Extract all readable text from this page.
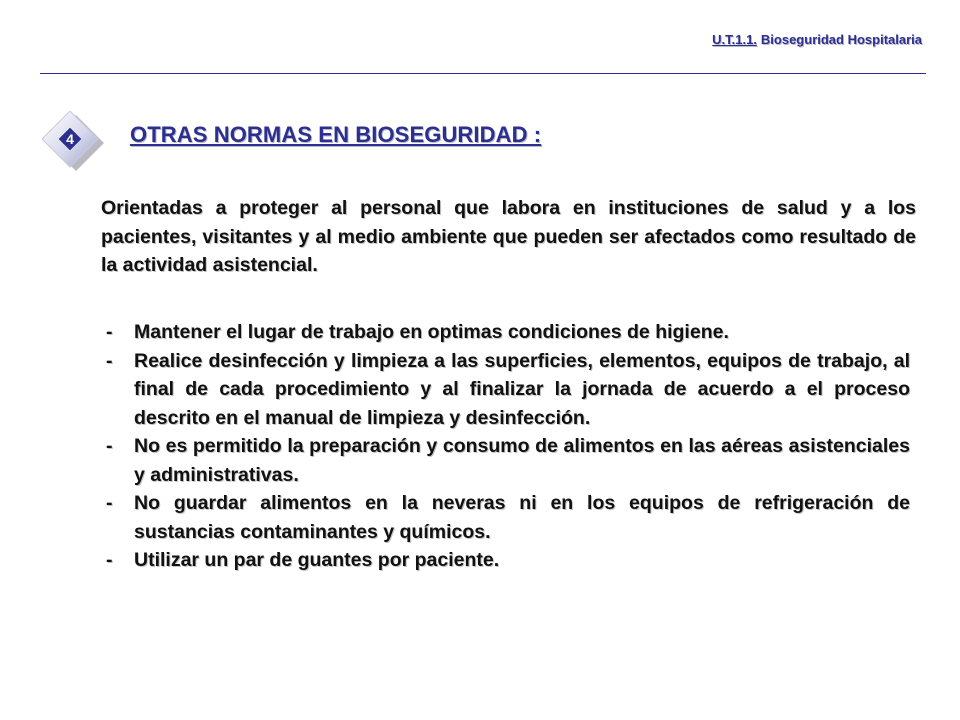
U.T.1.1. Bioseguridad Hospitalaria
4	OTRAS NORMAS EN BIOSEGURIDAD :
Orientadas a proteger al personal que labora en instituciones de salud y a los pacientes, visitantes y al medio ambiente que pueden ser afectados como resultado de la actividad asistencial.
- Mantener el lugar de trabajo en optimas condiciones de higiene.
- Realice desinfección y limpieza a las superficies, elementos, equipos de trabajo, al final de cada procedimiento y al finalizar la jornada de acuerdo a el proceso descrito en el manual de limpieza y desinfección.
- No es permitido la preparación y consumo de alimentos en las aéreas asistenciales y administrativas.
- No guardar alimentos en la neveras ni en los equipos de refrigeración de sustancias contaminantes y químicos.
- Utilizar un par de guantes por paciente.
